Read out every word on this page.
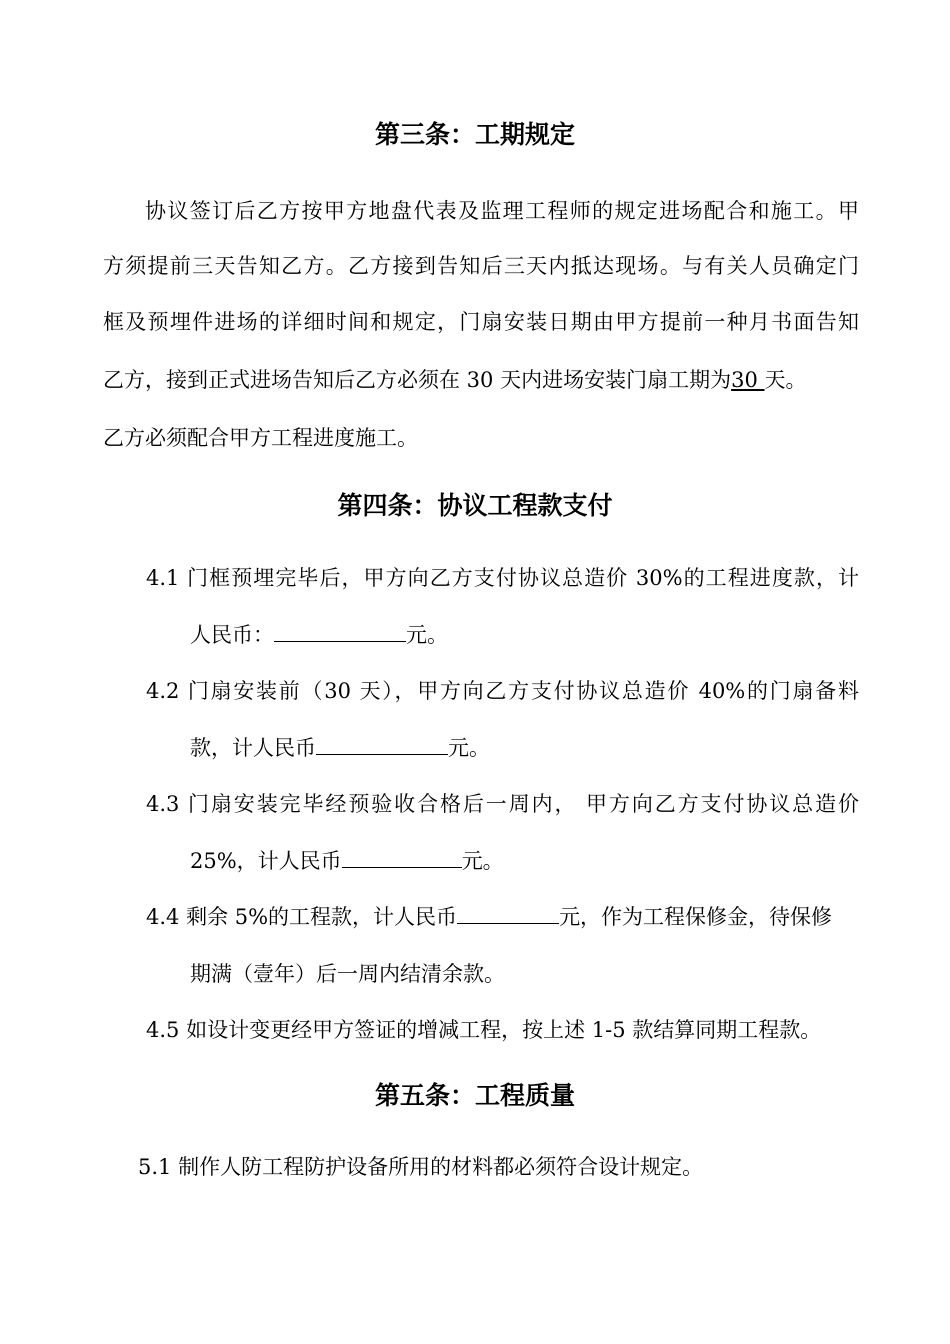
第三条：工期规定

协议签订后乙方按甲方地盘代表及监理工程师的规定进场配合和施工。甲

方须提前三天告知乙方。乙方接到告知后三天内抵达现场。与有关人员确定门

框及预埋件进场的详细时间和规定，门扇安装日期由甲方提前一种月书面告知

乙方，接到正式进场告知后乙方必须在 30 天内进场安装门扇工期为30 天。

乙方必须配合甲方工程进度施工。

第四条：协议工程款支付

4.1 门框预埋完毕后，甲方向乙方支付协议总造价 30%的工程进度款，计

人民币：	元。

4.2 门扇安装前（30 天），甲方向乙方支付协议总造价 40%的门扇备料

款，计人民币	元。

4.3 门扇安装完毕经预验收合格后一周内， 甲方向乙方支付协议总造价

25%，计人民币	元。

4.4 剩余 5%的工程款，计人民币	元，作为工程保修金，待保修

期满（壹年）后一周内结清余款。

4.5 如设计变更经甲方签证的增减工程，按上述 1-5 款结算同期工程款。

第五条：工程质量

5.1 制作人防工程防护设备所用的材料都必须符合设计规定。
